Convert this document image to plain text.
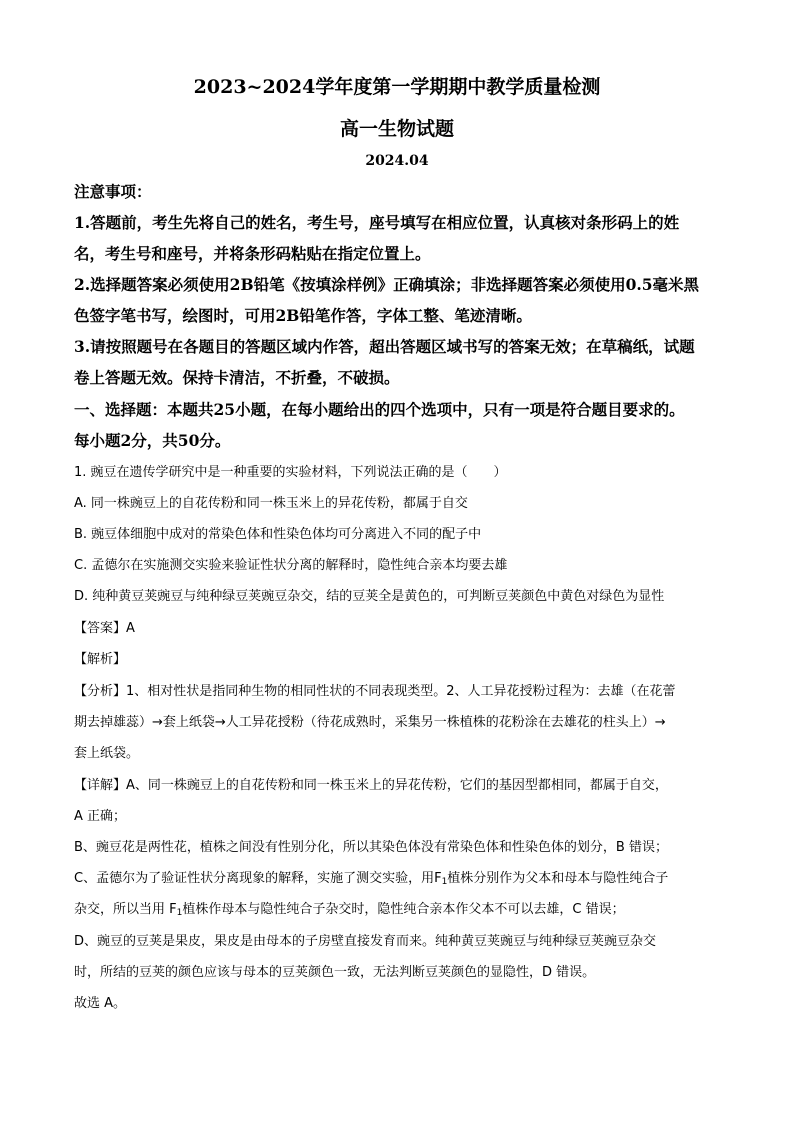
2023~2024学年度第一学期期中教学质量检测
高一生物试题
2024.04
注意事项：
1.答题前，考生先将自己的姓名，考生号，座号填写在相应位置，认真核对条形码上的姓
名，考生号和座号，并将条形码粘贴在指定位置上。
2.选择题答案必须使用2B铅笔《按填涂样例》正确填涂；非选择题答案必须使用0.5毫米黑
色签字笔书写，绘图时，可用2B铅笔作答，字体工整、笔迹清晰。
3.请按照题号在各题目的答题区域内作答，超出答题区域书写的答案无效；在草稿纸，试题
卷上答题无效。保持卡清洁，不折叠，不破损。
一、选择题：本题共25小题，在每小题给出的四个选项中，只有一项是符合题目要求的。
每小题2分，共50分。
1. 豌豆在遗传学研究中是一种重要的实验材料，下列说法正确的是（　　）
A. 同一株豌豆上的自花传粉和同一株玉米上的异花传粉，都属于自交
B. 豌豆体细胞中成对的常染色体和性染色体均可分离进入不同的配子中
C. 孟德尔在实施测交实验来验证性状分离的解释时，隐性纯合亲本均要去雄
D. 纯种黄豆荚豌豆与纯种绿豆荚豌豆杂交，结的豆荚全是黄色的，可判断豆荚颜色中黄色对绿色为显性
【答案】A
【解析】
【分析】1、相对性状是指同种生物的相同性状的不同表现类型。2、人工异花授粉过程为：去雄（在花蕾
期去掉雄蕊）→套上纸袋→人工异花授粉（待花成熟时，采集另一株植株的花粉涂在去雄花的柱头上）→
套上纸袋。
【详解】A、同一株豌豆上的自花传粉和同一株玉米上的异花传粉，它们的基因型都相同，都属于自交，
A 正确；
B、豌豆花是两性花，植株之间没有性别分化，所以其染色体没有常染色体和性染色体的划分，B 错误；
C、孟德尔为了验证性状分离现象的解释，实施了测交实验，用$F_1$植株分别作为父本和母本与隐性纯合子
杂交，所以当用 $F_1$植株作母本与隐性纯合子杂交时，隐性纯合亲本作父本不可以去雄，C 错误；
D、豌豆的豆荚是果皮，果皮是由母本的子房壁直接发育而来。纯种黄豆荚豌豆与纯种绿豆荚豌豆杂交
时，所结的豆荚的颜色应该与母本的豆荚颜色一致，无法判断豆荚颜色的显隐性，D 错误。
故选 A。
